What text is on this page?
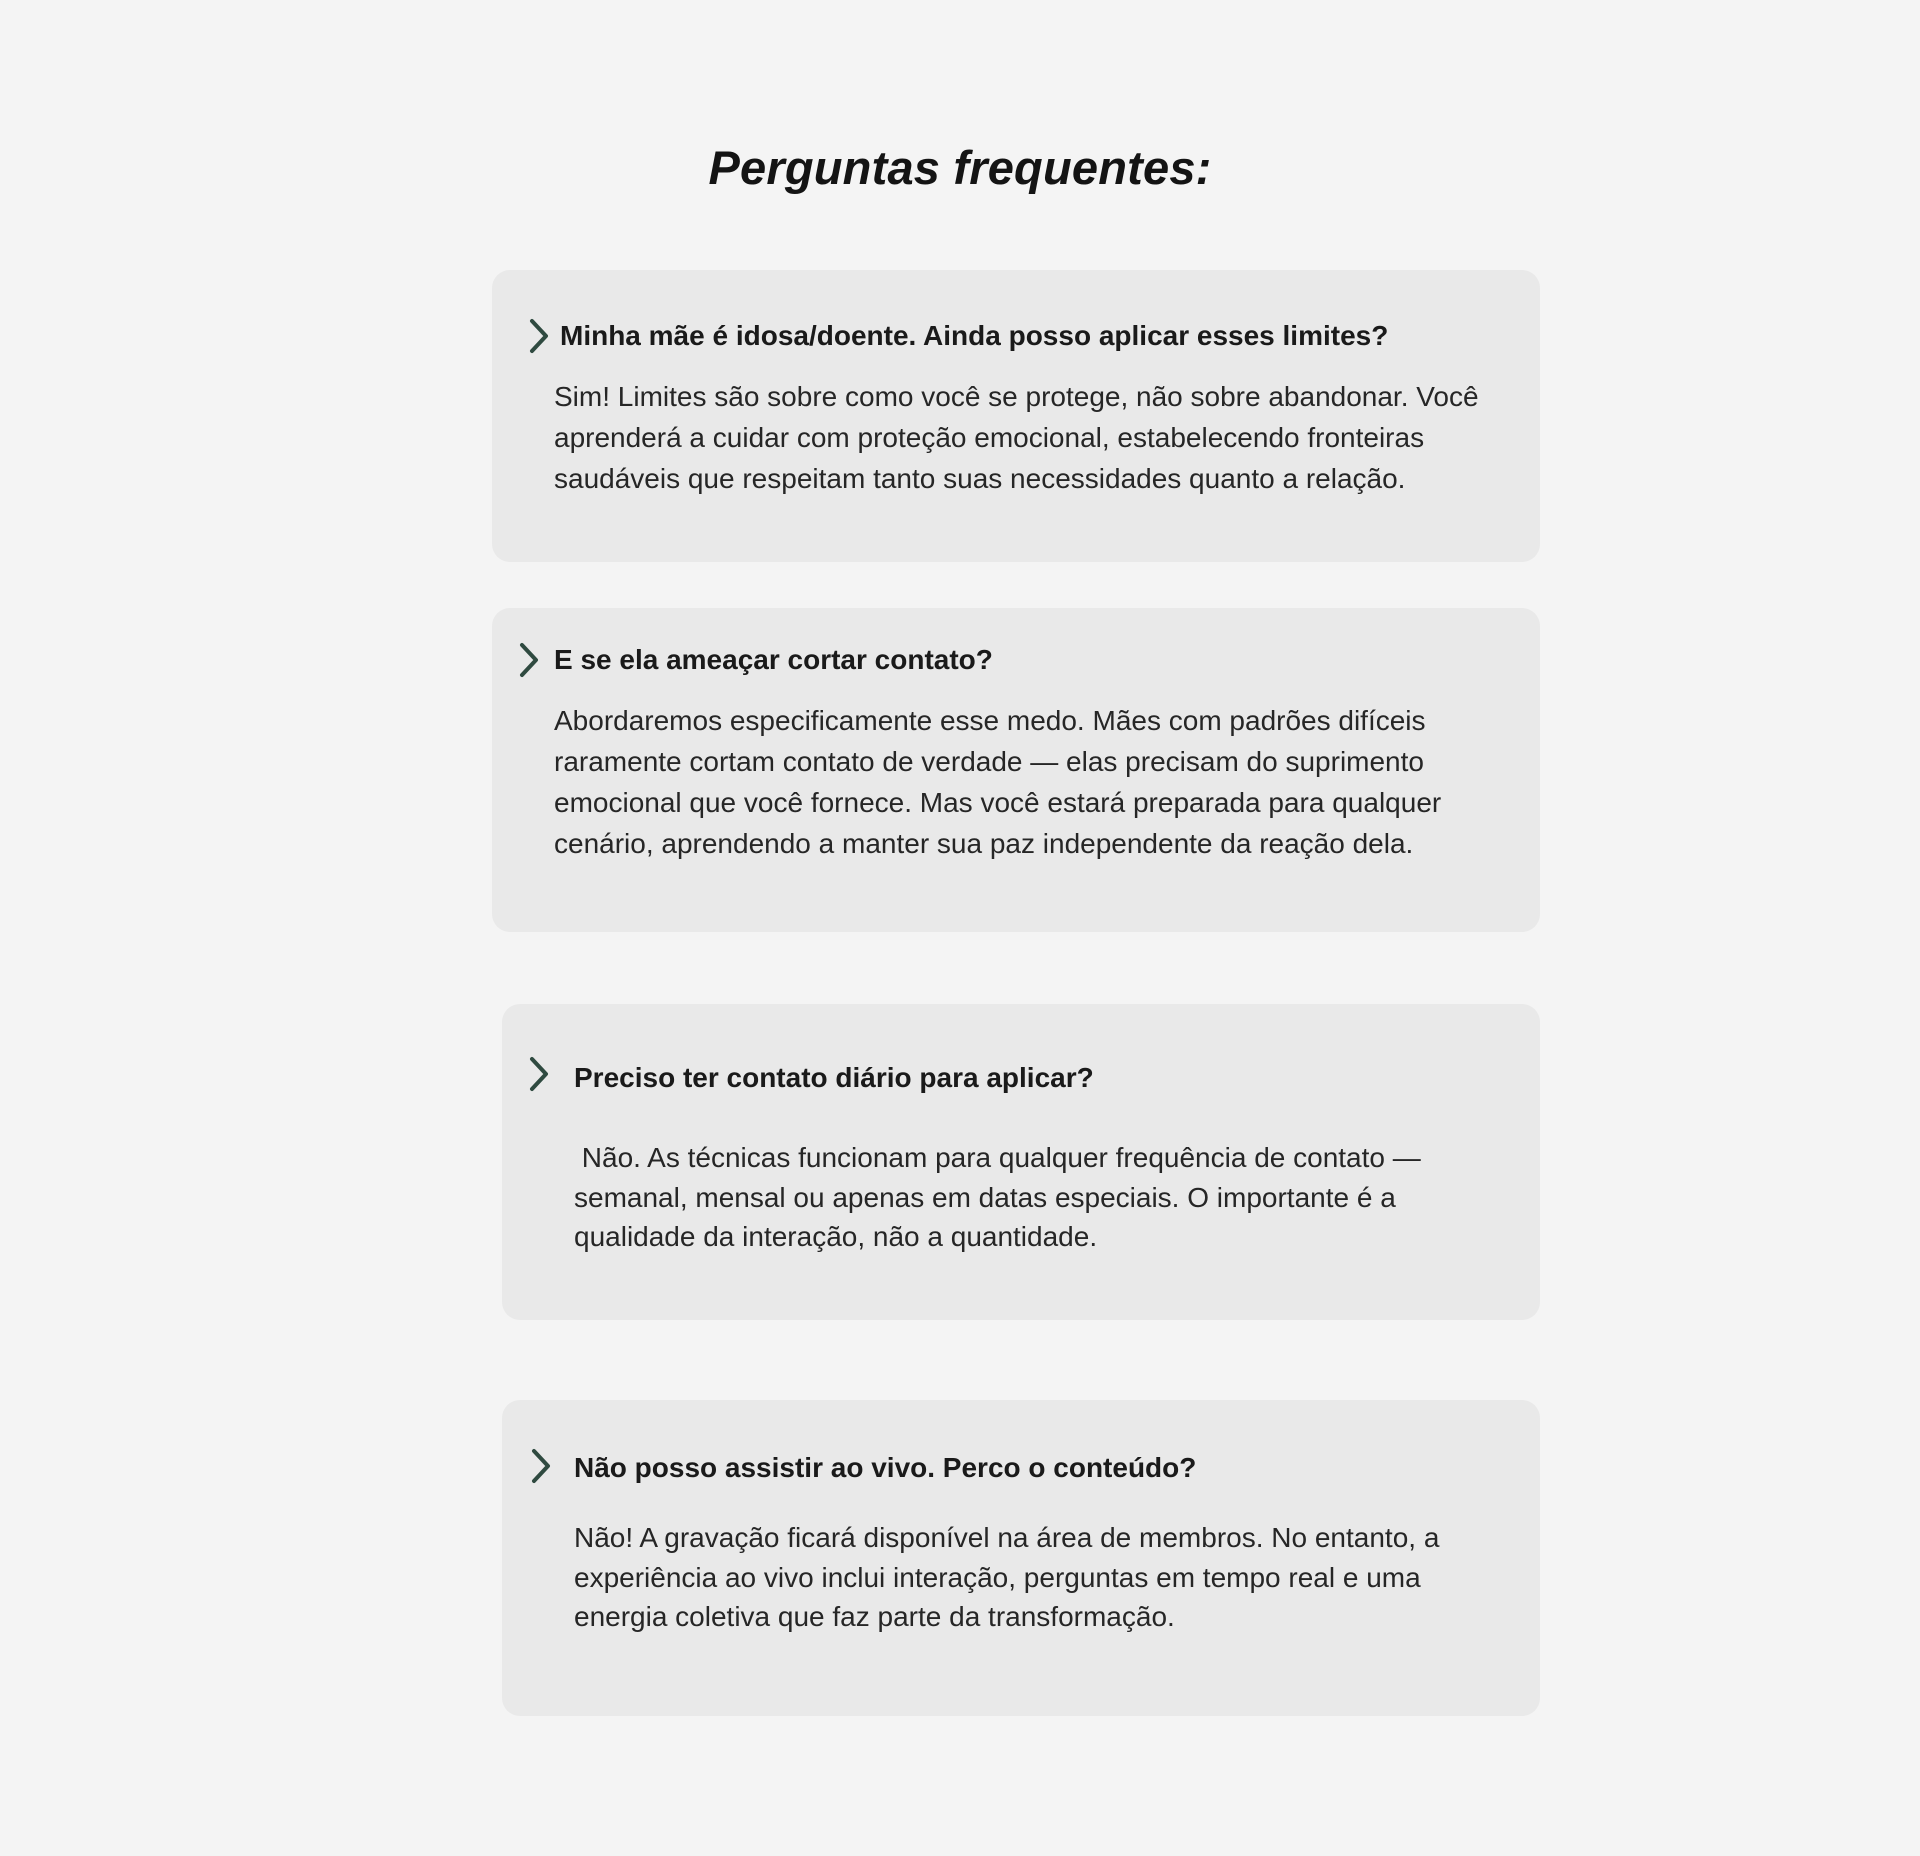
Perguntas frequentes:

Minha mãe é idosa/doente. Ainda posso aplicar esses limites?

Sim! Limites são sobre como você se protege, não sobre abandonar. Você aprenderá a cuidar com proteção emocional, estabelecendo fronteiras saudáveis que respeitam tanto suas necessidades quanto a relação.

E se ela ameaçar cortar contato?

Abordaremos especificamente esse medo. Mães com padrões difíceis raramente cortam contato de verdade — elas precisam do suprimento emocional que você fornece. Mas você estará preparada para qualquer cenário, aprendendo a manter sua paz independente da reação dela.

Preciso ter contato diário para aplicar?

Não. As técnicas funcionam para qualquer frequência de contato — semanal, mensal ou apenas em datas especiais. O importante é a qualidade da interação, não a quantidade.

Não posso assistir ao vivo. Perco o conteúdo?

Não! A gravação ficará disponível na área de membros. No entanto, a experiência ao vivo inclui interação, perguntas em tempo real e uma energia coletiva que faz parte da transformação.
